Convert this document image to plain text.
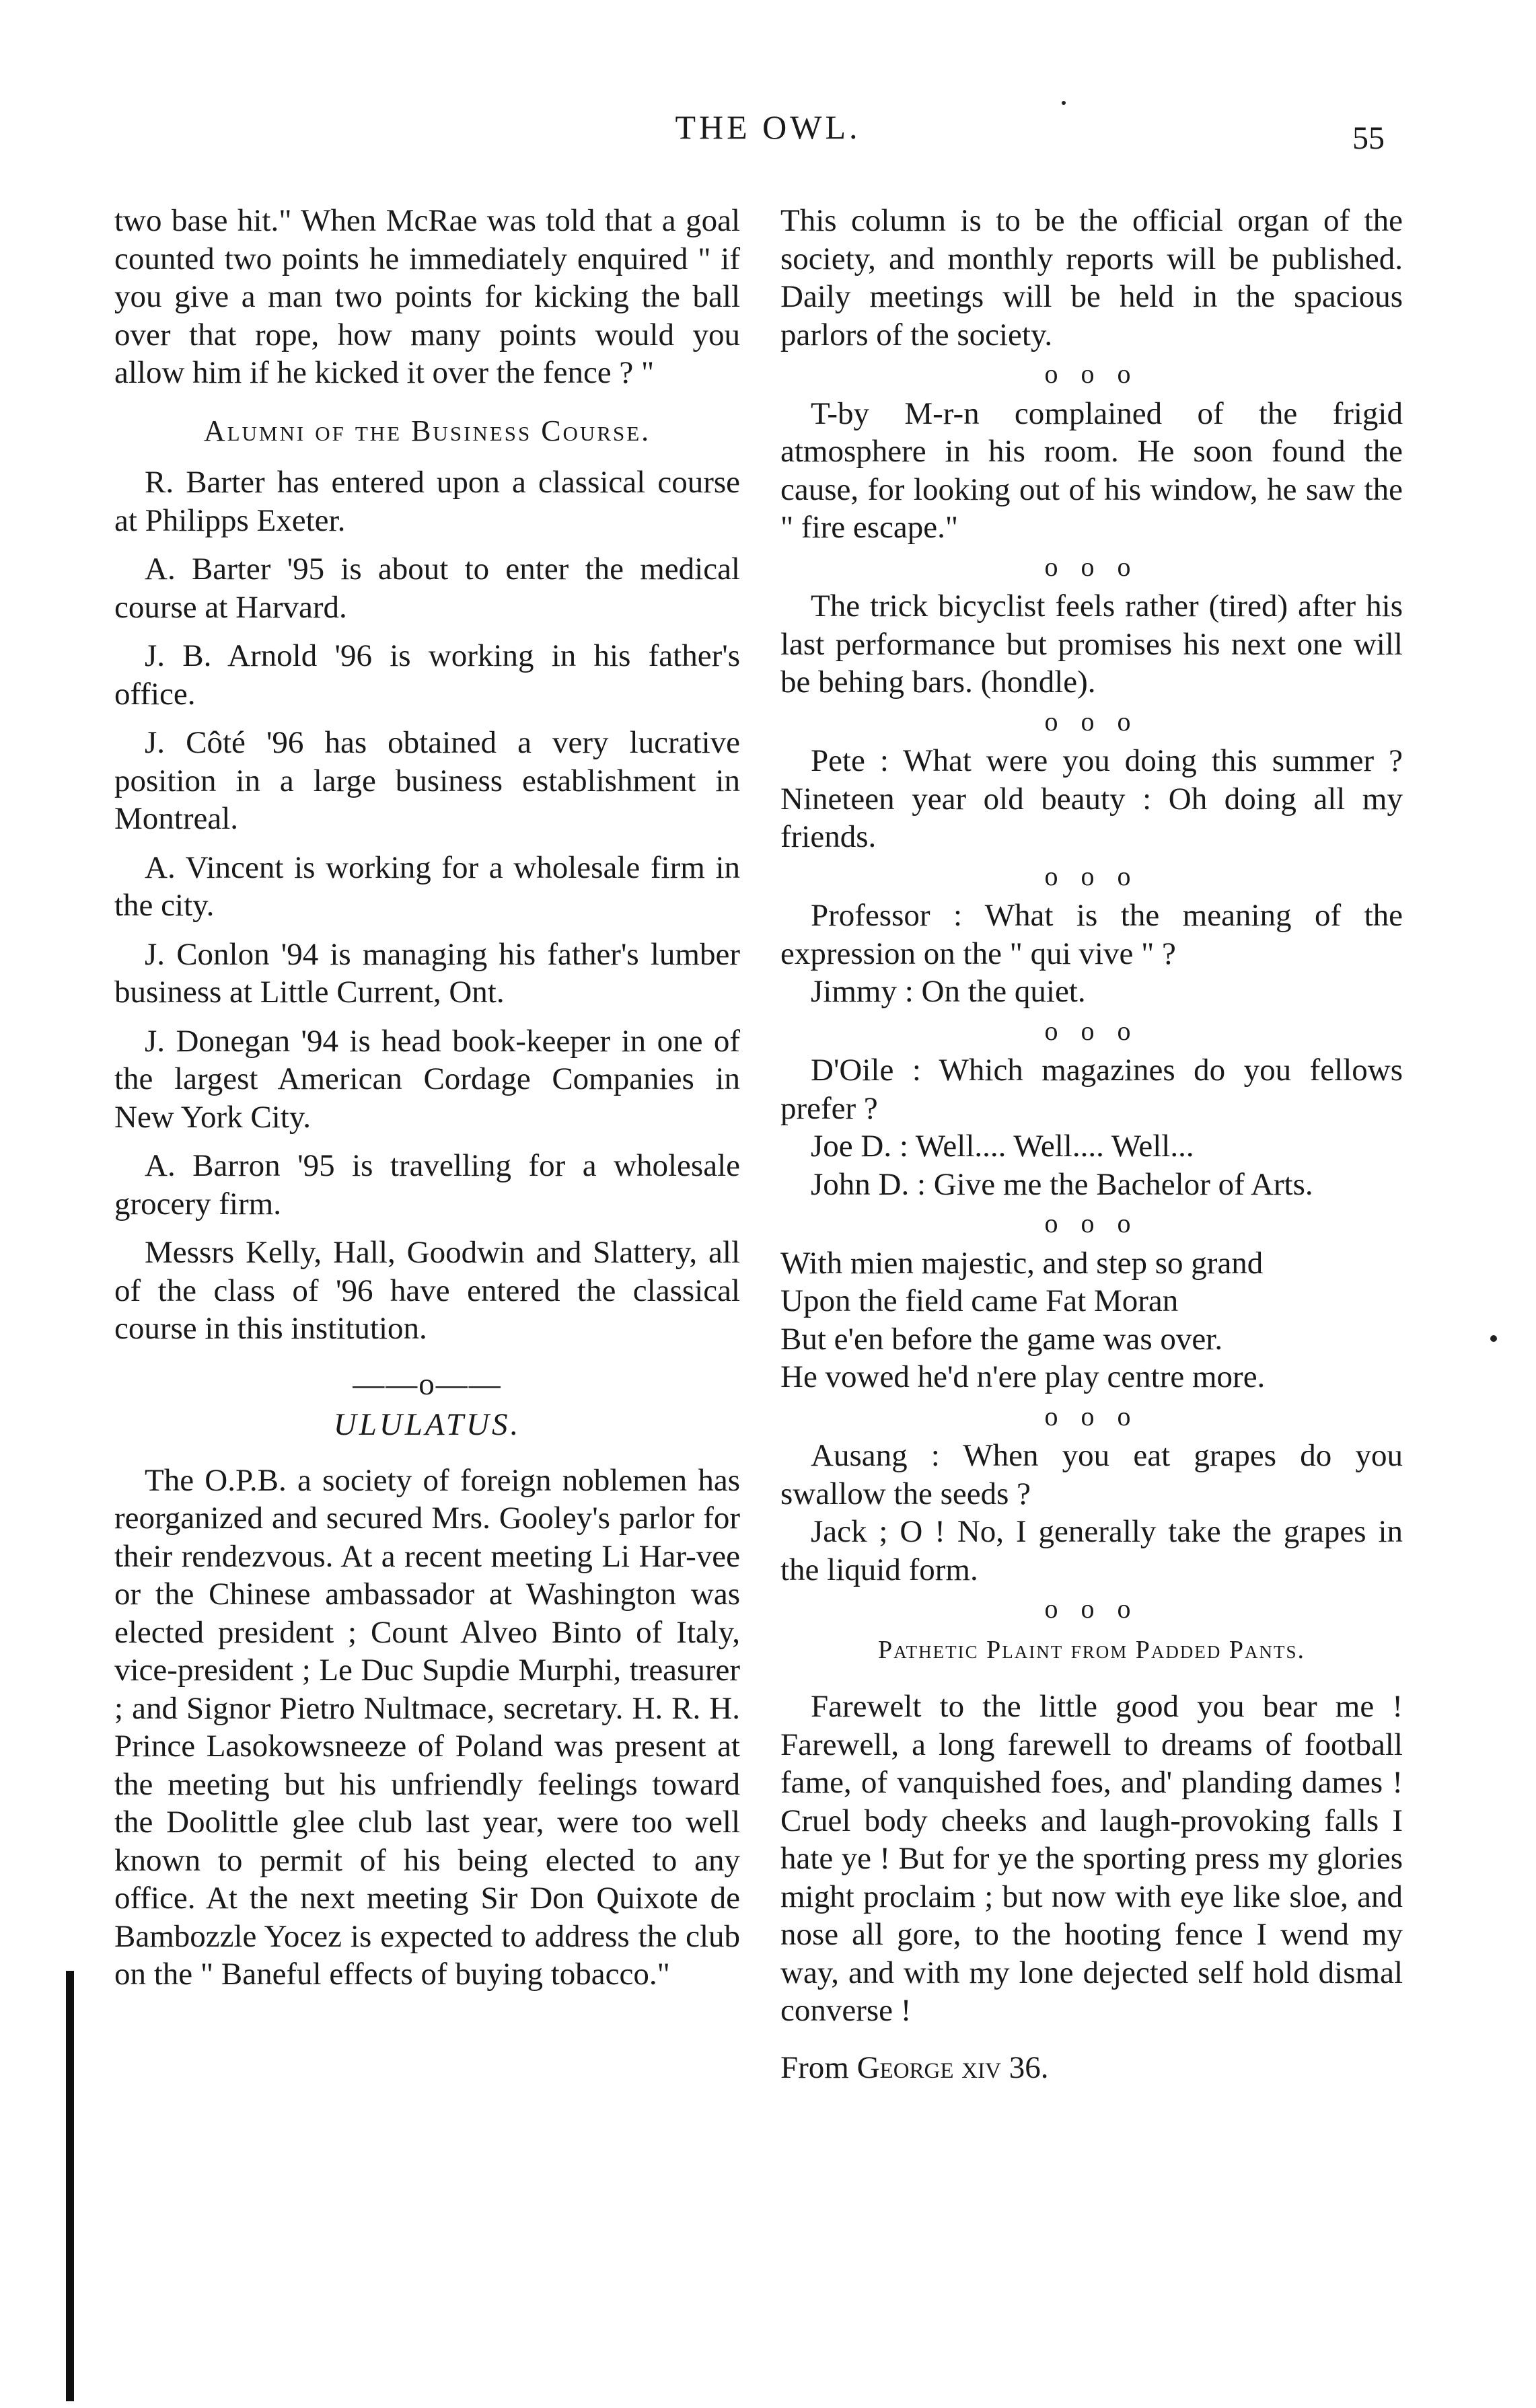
THE OWL.	55

two base hit." When McRae was told that a goal counted two points he immediately enquired " if you give a man two points for kicking the ball over that rope, how many points would you allow him if he kicked it over the fence ? "

Alumni of the Business Course.

R. Barter has entered upon a classical course at Philipps Exeter.

A. Barter '95 is about to enter the medical course at Harvard.

J. B. Arnold '96 is working in his father's office.

J. Côté '96 has obtained a very lucrative position in a large business establishment in Montreal.

A. Vincent is working for a wholesale firm in the city.

J. Conlon '94 is managing his father's lumber business at Little Current, Ont.

J. Donegan '94 is head book-keeper in one of the largest American Cordage Companies in New York City.

A. Barron '95 is travelling for a wholesale grocery firm.

Messrs Kelly, Hall, Goodwin and Slattery, all of the class of '96 have entered the classical course in this institution.

——o——
ULULATUS.

The O.P.B. a society of foreign noblemen has reorganized and secured Mrs. Gooley's parlor for their rendezvous. At a recent meeting Li Har-vee or the Chinese ambassador at Washington was elected president ; Count Alveo Binto of Italy, vice-president ; Le Duc Supdie Murphi, treasurer ; and Signor Pietro Nultmace, secretary. H. R. H. Prince Lasokowsneeze of Poland was present at the meeting but his unfriendly feelings toward the Doolittle glee club last year, were too well known to permit of his being elected to any office. At the next meeting Sir Don Quixote de Bambozzle Yocez is expected to address the club on the " Baneful effects of buying tobacco."

This column is to be the official organ of the society, and monthly reports will be published. Daily meetings will be held in the spacious parlors of the society.

o o o

T-by M-r-n complained of the frigid atmosphere in his room. He soon found the cause, for looking out of his window, he saw the " fire escape."

o o o

The trick bicyclist feels rather (tired) after his last performance but promises his next one will be behing bars. (hondle).

o o o

Pete : What were you doing this summer ? Nineteen year old beauty : Oh doing all my friends.

o o o

Professor : What is the meaning of the expression on the " qui vive " ?

Jimmy : On the quiet.

o o o

D'Oile : Which magazines do you fellows prefer ?

Joe D. : Well.... Well.... Well...

John D. : Give me the Bachelor of Arts.

o o o

With mien majestic, and step so grand

Upon the field came Fat Moran

But e'en before the game was over.

He vowed he'd n'ere play centre more.

o o o

Ausang : When you eat grapes do you swallow the seeds ?

Jack ; O ! No, I generally take the grapes in the liquid form.

o o o
Pathetic Plaint from Padded Pants.

Farewelt to the little good you bear me ! Farewell, a long farewell to dreams of football fame, of vanquished foes, and' planding dames ! Cruel body cheeks and laugh-provoking falls I hate ye ! But for ye the sporting press my glories might proclaim ; but now with eye like sloe, and nose all gore, to the hooting fence I wend my way, and with my lone dejected self hold dismal converse !

From George xiv 36.
